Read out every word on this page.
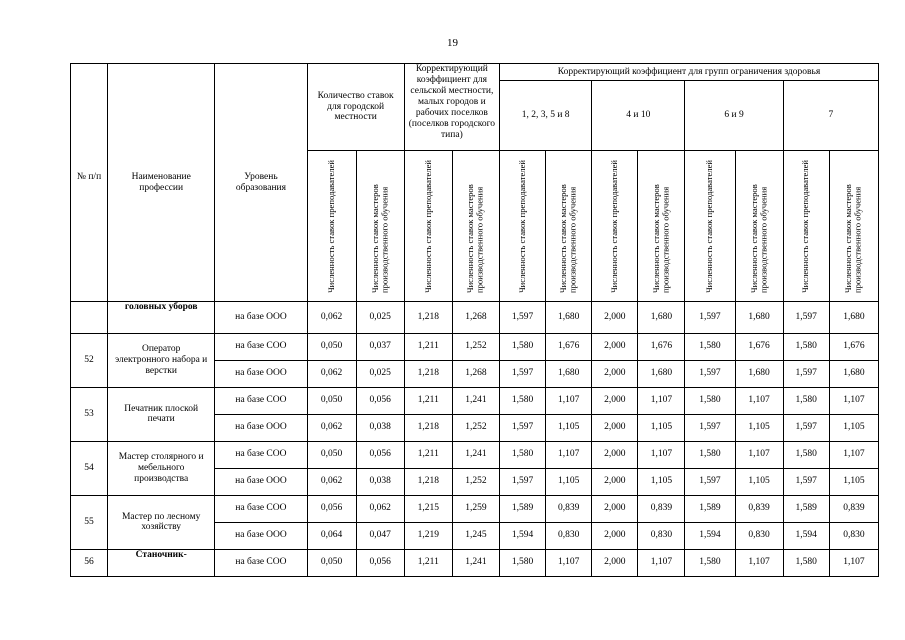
19
№ п/п	Наименование профессии	Уровень образования	Количество ставок для городской местности		Корректирующий коэффициент для сельской местности, малых городов и рабочих поселков (поселков городского типа)		Корректирующий коэффициент для групп ограничения здоровья							
							1, 2, 3, 5 и 8		4 и 10		6 и 9		7	
			Численность ставок преподавателей	Численность ставок мастеров производственного обучения	Численность ставок преподавателей	Численность ставок мастеров производственного обучения	Численность ставок преподавателей	Численность ставок мастеров производственного обучения	Численность ставок преподавателей	Численность ставок мастеров производственного обучения	Численность ставок преподавателей	Численность ставок мастеров производственного обучения	Численность ставок преподавателей	Численность ставок мастеров производственного обучения
	головных уборов	на базе ООО	0,062	0,025	1,218	1,268	1,597	1,680	2,000	1,680	1,597	1,680	1,597	1,680
52	Оператор электронного набора и верстки	на базе СОО	0,050	0,037	1,211	1,252	1,580	1,676	2,000	1,676	1,580	1,676	1,580	1,676
		на базе ООО	0,062	0,025	1,218	1,268	1,597	1,680	2,000	1,680	1,597	1,680	1,597	1,680
53	Печатник плоской печати	на базе СОО	0,050	0,056	1,211	1,241	1,580	1,107	2,000	1,107	1,580	1,107	1,580	1,107
		на базе ООО	0,062	0,038	1,218	1,252	1,597	1,105	2,000	1,105	1,597	1,105	1,597	1,105
54	Мастер столярного и мебельного производства	на базе СОО	0,050	0,056	1,211	1,241	1,580	1,107	2,000	1,107	1,580	1,107	1,580	1,107
		на базе ООО	0,062	0,038	1,218	1,252	1,597	1,105	2,000	1,105	1,597	1,105	1,597	1,105
55	Мастер по лесному хозяйству	на базе СОО	0,056	0,062	1,215	1,259	1,589	0,839	2,000	0,839	1,589	0,839	1,589	0,839
		на базе ООО	0,064	0,047	1,219	1,245	1,594	0,830	2,000	0,830	1,594	0,830	1,594	0,830
56	Станочник-	на базе СОО	0,050	0,056	1,211	1,241	1,580	1,107	2,000	1,107	1,580	1,107	1,580	1,107
